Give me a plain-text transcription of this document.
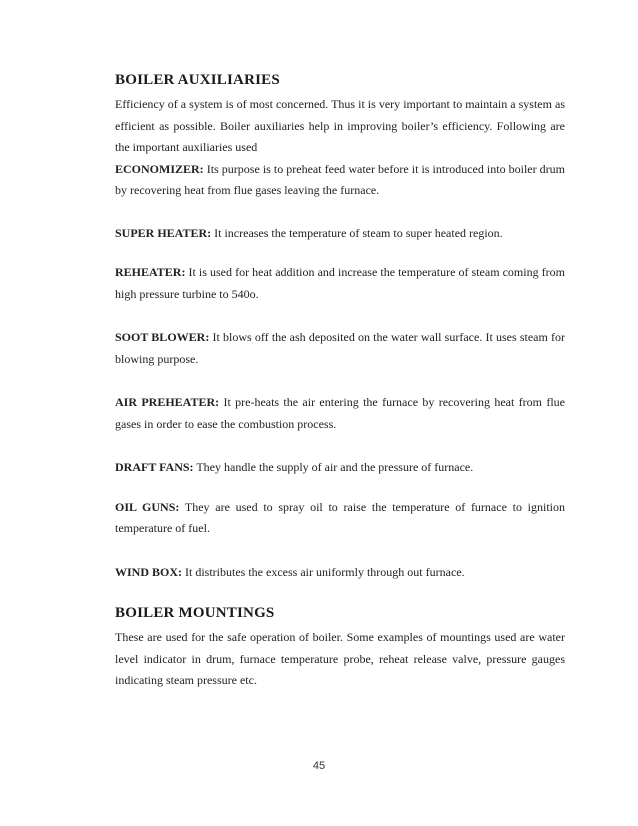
BOILER AUXILIARIES

Efficiency of a system is of most concerned. Thus it is very important to maintain a system as efficient as possible. Boiler auxiliaries help in improving boiler’s efficiency. Following are the important auxiliaries used

ECONOMIZER: Its purpose is to preheat feed water before it is introduced into boiler drum by recovering heat from flue gases leaving the furnace.

SUPER HEATER: It increases the temperature of steam to super heated region.

REHEATER: It is used for heat addition and increase the temperature of steam coming from high pressure turbine to 540o.

SOOT BLOWER: It blows off the ash deposited on the water wall surface. It uses steam for blowing purpose.

AIR PREHEATER: It pre-heats the air entering the furnace by recovering heat from flue gases in order to ease the combustion process.

DRAFT FANS: They handle the supply of air and the pressure of furnace.

OIL GUNS: They are used to spray oil to raise the temperature of furnace to ignition temperature of fuel.

WIND BOX: It distributes the excess air uniformly through out furnace.

BOILER MOUNTINGS

These are used for the safe operation of boiler. Some examples of mountings used are water level indicator in drum, furnace temperature probe, reheat release valve, pressure gauges indicating steam pressure etc.

45
